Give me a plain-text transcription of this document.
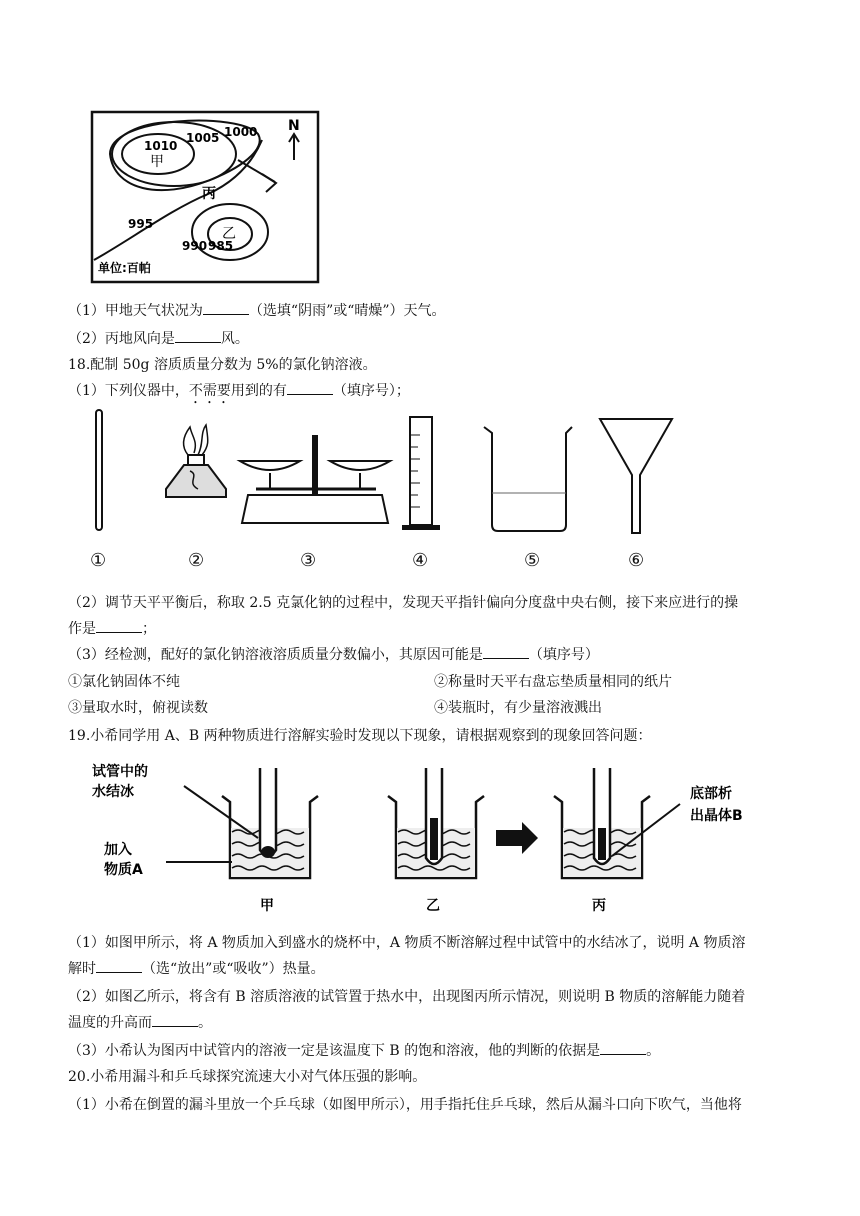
1010
1005 1000
995
990 985
甲
乙
丙
N
单位:百帕
（1）甲地天气状况为	（选填“阴雨”或“晴燥”）天气。
（2）丙地风向是	风。
18.配制 50g 溶质质量分数为 5%的氯化钠溶液。
（1）下列仪器中，不需要用到的有	（填序号）；
①	②	③	④	⑤	⑥
（2）调节天平平衡后，称取 2.5 克氯化钠的过程中，发现天平指针偏向分度盘中央右侧，接下来应进行的操
作是	；
（3）经检测，配好的氯化钠溶液溶质质量分数偏小，其原因可能是	（填序号）
①氯化钠固体不纯	②称量时天平右盘忘垫质量相同的纸片
③量取水时，俯视读数	④装瓶时，有少量溶液溅出
19.小希同学用 A、B 两种物质进行溶解实验时发现以下现象，请根据观察到的现象回答问题：
试管中的
水结冰
加入
物质A
底部析
出晶体B
甲	乙	丙
（1）如图甲所示，将 A 物质加入到盛水的烧杯中，A 物质不断溶解过程中试管中的水结冰了，说明 A 物质溶
解时	（选“放出”或“吸收”）热量。
（2）如图乙所示，将含有 B 溶质溶液的试管置于热水中，出现图丙所示情况，则说明 B 物质的溶解能力随着
温度的升高而	。
（3）小希认为图丙中试管内的溶液一定是该温度下 B 的饱和溶液，他的判断的依据是	。
20.小希用漏斗和乒乓球探究流速大小对气体压强的影响。
（1）小希在倒置的漏斗里放一个乒乓球（如图甲所示），用手指托住乒乓球，然后从漏斗口向下吹气，当他将
